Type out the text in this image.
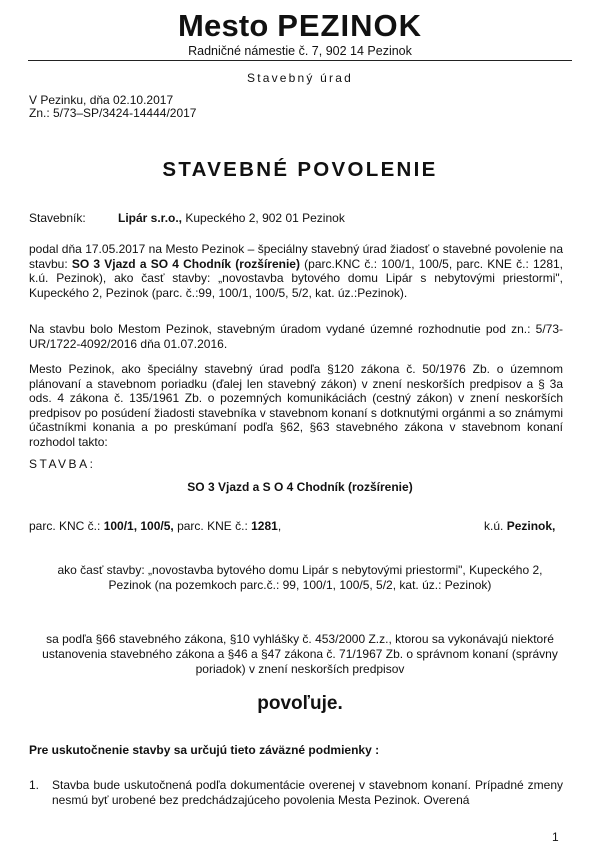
Mesto PEZINOK
Radničné námestie č. 7, 902 14 Pezinok
Stavebný úrad
V Pezinku, dňa 02.10.2017
Zn.: 5/73–SP/3424-14444/2017
STAVEBNÉ POVOLENIE
Stavebník:	Lipár s.r.o., Kupeckého 2, 902 01 Pezinok
podal dňa 17.05.2017 na Mesto Pezinok – špeciálny stavebný úrad žiadosť o stavebné povolenie na stavbu: SO 3 Vjazd a SO 4 Chodník (rozšírenie) (parc.KNC č.: 100/1, 100/5, parc. KNE č.: 1281, k.ú. Pezinok), ako časť stavby: „novostavba bytového domu Lipár s nebytovými priestormi", Kupeckého 2, Pezinok (parc. č.:99, 100/1, 100/5, 5/2, kat. úz.:Pezinok).
Na stavbu bolo Mestom Pezinok, stavebným úradom vydané územné rozhodnutie pod zn.: 5/73-UR/1722-4092/2016 dňa 01.07.2016.
Mesto Pezinok, ako špeciálny stavebný úrad podľa §120 zákona č. 50/1976 Zb. o územnom plánovaní a stavebnom poriadku (ďalej len stavebný zákon) v znení neskorších predpisov a § 3a ods. 4 zákona č. 135/1961 Zb. o pozemných komunikáciách (cestný zákon) v znení neskorších predpisov po posúdení žiadosti stavebníka v stavebnom konaní s dotknutými orgánmi a so známymi účastníkmi konania a po preskúmaní podľa §62, §63 stavebného zákona v stavebnom konaní rozhodol takto:
STAVBA:
SO 3 Vjazd a S O 4 Chodník (rozšírenie)
parc. KNC č.: 100/1, 100/5, parc. KNE č.: 1281,	k.ú. Pezinok,
ako časť stavby: „novostavba bytového domu Lipár s nebytovými priestormi", Kupeckého 2, Pezinok (na pozemkoch parc.č.: 99, 100/1, 100/5, 5/2, kat. úz.: Pezinok)
sa podľa §66 stavebného zákona, §10 vyhlášky č. 453/2000 Z.z., ktorou sa vykonávajú niektoré ustanovenia stavebného zákona a §46 a §47 zákona č. 71/1967 Zb. o správnom konaní (správny poriadok) v znení neskorších predpisov
povoľuje.
Pre uskutočnenie stavby sa určujú tieto záväzné podmienky :
1. Stavba bude uskutočnená podľa dokumentácie overenej v stavebnom konaní. Prípadné zmeny nesmú byť urobené bez predchádzajúceho povolenia Mesta Pezinok. Overená
1
